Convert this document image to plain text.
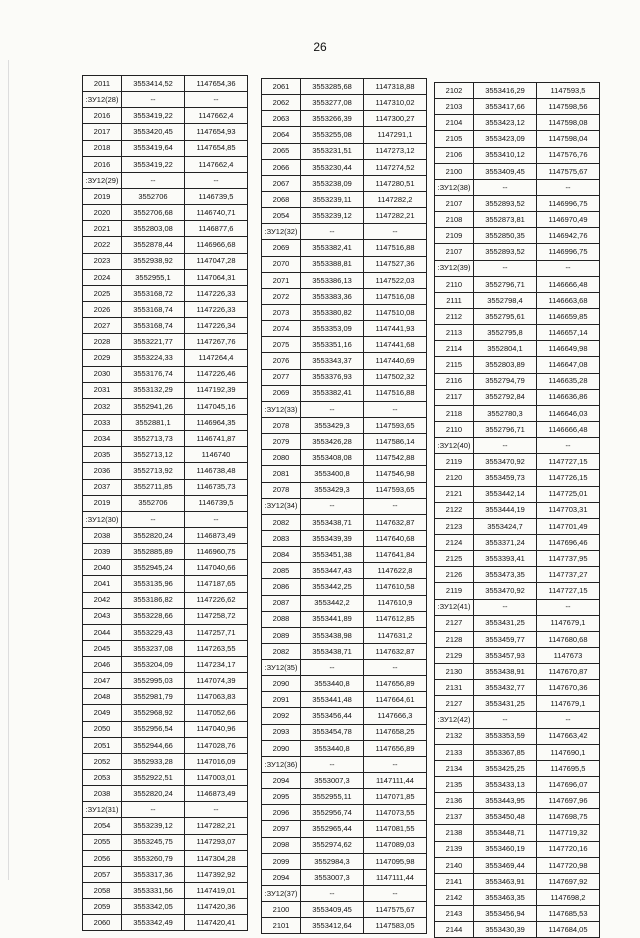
26
2011	3553414,52	1147654,36
:ЗУ12(28)	--	--
2016	3553419,22	1147662,4
2017	3553420,45	1147654,93
2018	3553419,64	1147654,85
2016	3553419,22	1147662,4
:ЗУ12(29)	--	--
2019	3552706	1146739,5
2020	3552706,68	1146740,71
2021	3552803,08	1146877,6
2022	3552878,44	1146966,68
2023	3552938,92	1147047,28
2024	3552955,1	1147064,31
2025	3553168,72	1147226,33
2026	3553168,74	1147226,33
2027	3553168,74	1147226,34
2028	3553221,77	1147267,76
2029	3553224,33	1147264,4
2030	3553176,74	1147226,46
2031	3553132,29	1147192,39
2032	3552941,26	1147045,16
2033	3552881,1	1146964,35
2034	3552713,73	1146741,87
2035	3552713,12	1146740
2036	3552713,92	1146738,48
2037	3552711,85	1146735,73
2019	3552706	1146739,5
:ЗУ12(30)	--	--
2038	3552820,24	1146873,49
2039	3552885,89	1146960,75
2040	3552945,24	1147040,66
2041	3553135,96	1147187,65
2042	3553186,82	1147226,62
2043	3553228,66	1147258,72
2044	3553229,43	1147257,71
2045	3553237,08	1147263,55
2046	3553204,09	1147234,17
2047	3552995,03	1147074,39
2048	3552981,79	1147063,83
2049	3552968,92	1147052,66
2050	3552956,54	1147040,96
2051	3552944,66	1147028,76
2052	3552933,28	1147016,09
2053	3552922,51	1147003,01
2038	3552820,24	1146873,49
:ЗУ12(31)	--	--
2054	3553239,12	1147282,21
2055	3553245,75	1147293,07
2056	3553260,79	1147304,28
2057	3553317,36	1147392,92
2058	3553331,56	1147419,01
2059	3553342,05	1147420,36
2060	3553342,49	1147420,41
2061	3553285,68	1147318,88
2062	3553277,08	1147310,02
2063	3553266,39	1147300,27
2064	3553255,08	1147291,1
2065	3553231,51	1147273,12
2066	3553230,44	1147274,52
2067	3553238,09	1147280,51
2068	3553239,11	1147282,2
2054	3553239,12	1147282,21
:ЗУ12(32)	--	--
2069	3553382,41	1147516,88
2070	3553388,81	1147527,36
2071	3553386,13	1147522,03
2072	3553383,36	1147516,08
2073	3553380,82	1147510,08
2074	3553353,09	1147441,93
2075	3553351,16	1147441,68
2076	3553343,37	1147440,69
2077	3553376,93	1147502,32
2069	3553382,41	1147516,88
:ЗУ12(33)	--	--
2078	3553429,3	1147593,65
2079	3553426,28	1147586,14
2080	3553408,08	1147542,88
2081	3553400,8	1147546,98
2078	3553429,3	1147593,65
:ЗУ12(34)	--	--
2082	3553438,71	1147632,87
2083	3553439,39	1147640,68
2084	3553451,38	1147641,84
2085	3553447,43	1147622,8
2086	3553442,25	1147610,58
2087	3553442,2	1147610,9
2088	3553441,89	1147612,85
2089	3553438,98	1147631,2
2082	3553438,71	1147632,87
:ЗУ12(35)	--	--
2090	3553440,8	1147656,89
2091	3553441,48	1147664,61
2092	3553456,44	1147666,3
2093	3553454,78	1147658,25
2090	3553440,8	1147656,89
:ЗУ12(36)	--	--
2094	3553007,3	1147111,44
2095	3552955,11	1147071,85
2096	3552956,74	1147073,55
2097	3552965,44	1147081,55
2098	3552974,62	1147089,03
2099	3552984,3	1147095,98
2094	3553007,3	1147111,44
:ЗУ12(37)	--	--
2100	3553409,45	1147575,67
2101	3553412,64	1147583,05
2102	3553416,29	1147593,5
2103	3553417,66	1147598,56
2104	3553423,12	1147598,08
2105	3553423,09	1147598,04
2106	3553410,12	1147576,76
2100	3553409,45	1147575,67
:ЗУ12(38)	--	--
2107	3552893,52	1146996,75
2108	3552873,81	1146970,49
2109	3552850,35	1146942,76
2107	3552893,52	1146996,75
:ЗУ12(39)	--	--
2110	3552796,71	1146666,48
2111	3552798,4	1146663,68
2112	3552795,61	1146659,85
2113	3552795,8	1146657,14
2114	3552804,1	1146649,98
2115	3552803,89	1146647,08
2116	3552794,79	1146635,28
2117	3552792,84	1146636,86
2118	3552780,3	1146646,03
2110	3552796,71	1146666,48
:ЗУ12(40)	--	--
2119	3553470,92	1147727,15
2120	3553459,73	1147726,15
2121	3553442,14	1147725,01
2122	3553444,19	1147703,31
2123	3553424,7	1147701,49
2124	3553371,24	1147696,46
2125	3553393,41	1147737,95
2126	3553473,35	1147737,27
2119	3553470,92	1147727,15
:ЗУ12(41)	--	--
2127	3553431,25	1147679,1
2128	3553459,77	1147680,68
2129	3553457,93	1147673
2130	3553438,91	1147670,87
2131	3553432,77	1147670,36
2127	3553431,25	1147679,1
:ЗУ12(42)	--	--
2132	3553353,59	1147663,42
2133	3553367,85	1147690,1
2134	3553425,25	1147695,5
2135	3553433,13	1147696,07
2136	3553443,95	1147697,96
2137	3553450,48	1147698,75
2138	3553448,71	1147719,32
2139	3553460,19	1147720,16
2140	3553469,44	1147720,98
2141	3553463,91	1147697,92
2142	3553463,35	1147698,2
2143	3553456,94	1147685,53
2144	3553430,39	1147684,05
